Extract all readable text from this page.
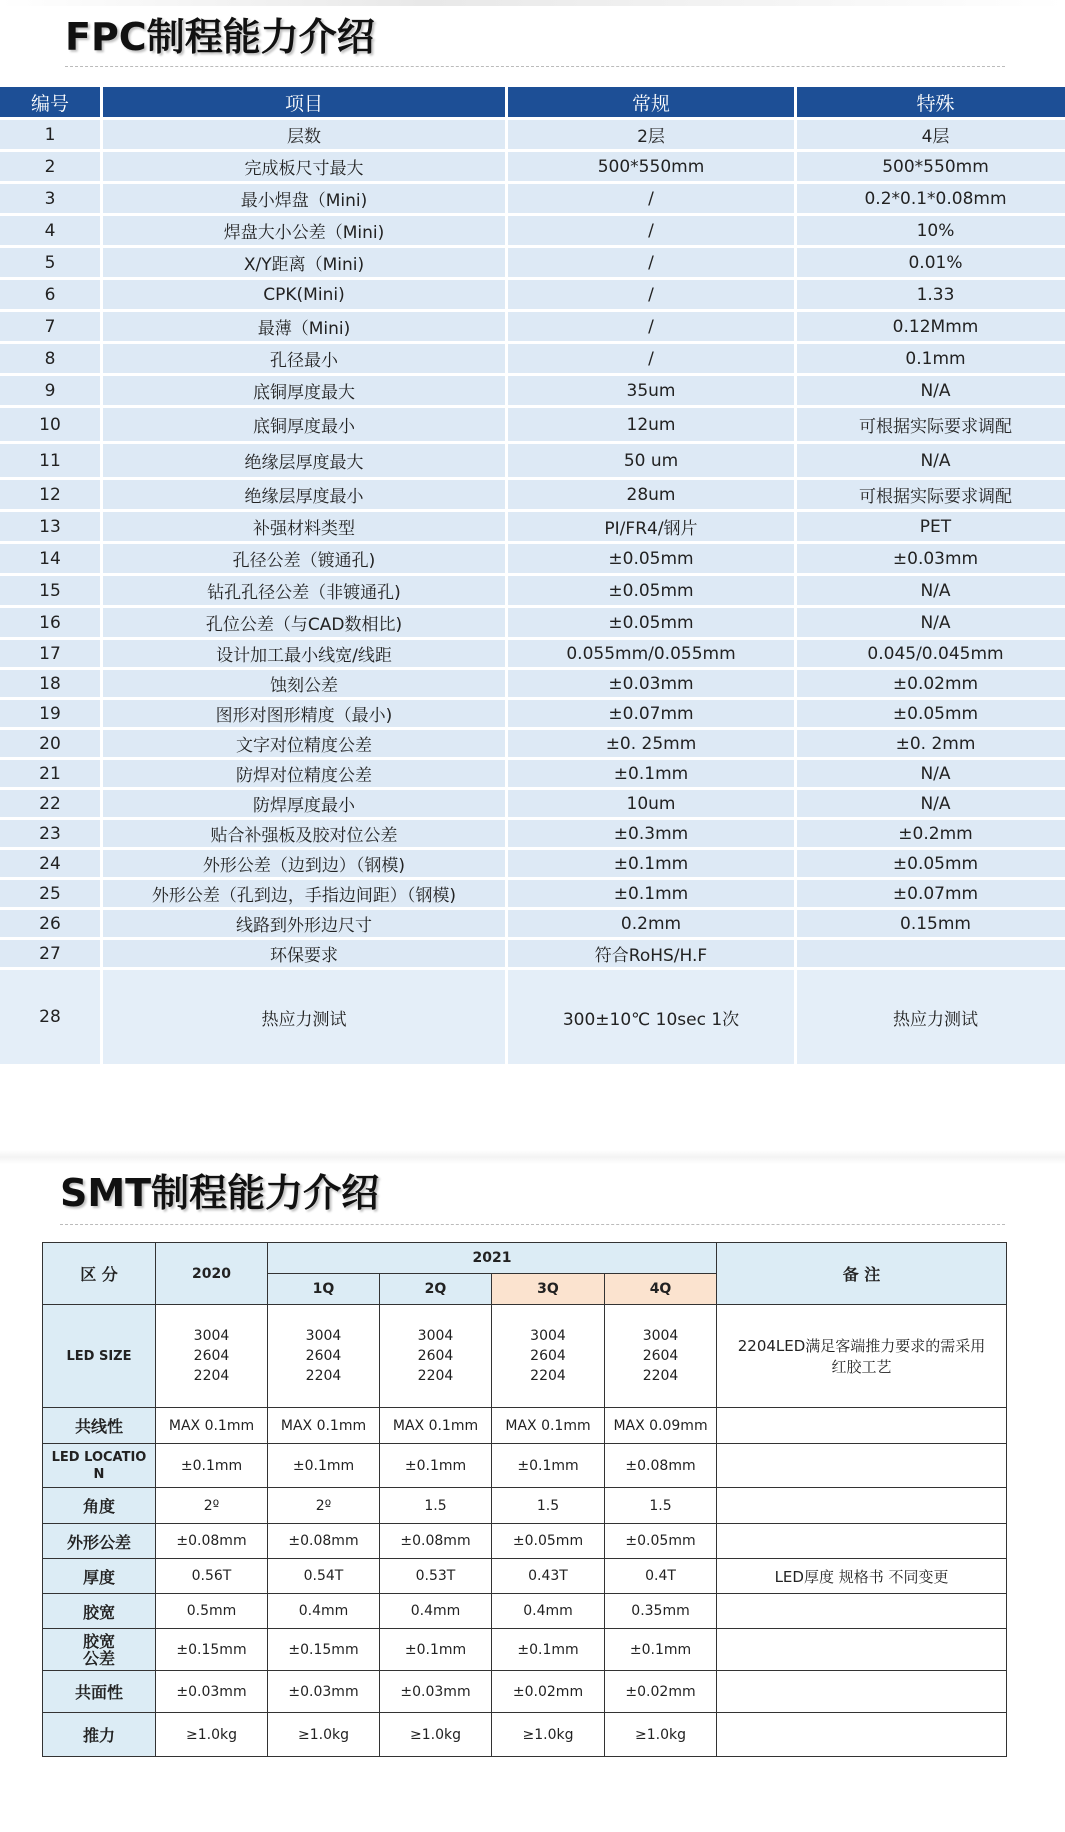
FPC制程能力介绍
编号	项目	常规	特殊
1	层数	2层	4层
2	完成板尺寸最大	500*550mm	500*550mm
3	最小焊盘（Mini)	/	0.2*0.1*0.08mm
4	焊盘大小公差（Mini)	/	10%
5	X/Y距离（Mini)	/	0.01%
6	CPK(Mini)	/	1.33
7	最薄（Mini)	/	0.12Mmm
8	孔径最小	/	0.1mm
9	底铜厚度最大	35um	N/A
10	底铜厚度最小	12um	可根据实际要求调配
11	绝缘层厚度最大	50 um	N/A
12	绝缘层厚度最小	28um	可根据实际要求调配
13	补强材料类型	PI/FR4/钢片	PET
14	孔径公差（镀通孔)	±0.05mm	±0.03mm
15	钻孔孔径公差（非镀通孔)	±0.05mm	N/A
16	孔位公差（与CAD数相比)	±0.05mm	N/A
17	设计加工最小线宽/线距	0.055mm/0.055mm	0.045/0.045mm
18	蚀刻公差	±0.03mm	±0.02mm
19	图形对图形精度（最小)	±0.07mm	±0.05mm
20	文字对位精度公差	±0. 25mm	±0. 2mm
21	防焊对位精度公差	±0.1mm	N/A
22	防焊厚度最小	10um	N/A
23	贴合补强板及胶对位公差	±0.3mm	±0.2mm
24	外形公差（边到边）（钢模)	±0.1mm	±0.05mm
25	外形公差（孔到边，手指边间距）（钢模)	±0.1mm	±0.07mm
26	线路到外形边尺寸	0.2mm	0.15mm
27	环保要求	符合RoHS/H.F	
28	热应力测试	300±10℃ 10sec 1次	热应力测试
SMT制程能力介绍
区 分	2020	2021				备 注
		1Q	2Q	3Q	4Q	
LED SIZE	3004
2604
2204	3004
2604
2204	3004
2604
2204	3004
2604
2204	3004
2604
2204	2204LED满足客端推力要求的需采用红胶工艺
共线性	MAX 0.1mm	MAX 0.1mm	MAX 0.1mm	MAX 0.1mm	MAX 0.09mm	
LED LOCATION	±0.1mm	±0.1mm	±0.1mm	±0.1mm	±0.08mm	
角度	2º	2º	1.5	1.5	1.5	
外形公差	±0.08mm	±0.08mm	±0.08mm	±0.05mm	±0.05mm	
厚度	0.56T	0.54T	0.53T	0.43T	0.4T	LED厚度 规格书 不同变更
胶宽	0.5mm	0.4mm	0.4mm	0.4mm	0.35mm	
胶宽公差	±0.15mm	±0.15mm	±0.1mm	±0.1mm	±0.1mm	
共面性	±0.03mm	±0.03mm	±0.03mm	±0.02mm	±0.02mm	
推力	≥1.0kg	≥1.0kg	≥1.0kg	≥1.0kg	≥1.0kg	
